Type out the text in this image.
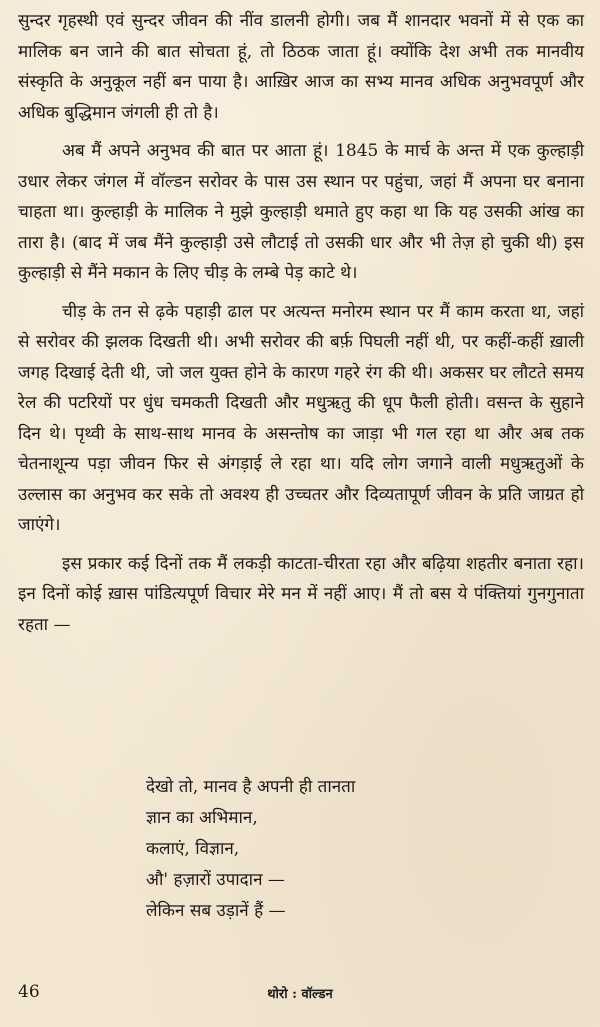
सुन्दर गृहस्थी एवं सुन्दर जीवन की नींव डालनी होगी। जब मैं शानदार भवनों में से एक का मालिक बन जाने की बात सोचता हूं, तो ठिठक जाता हूं। क्योंकि देश अभी तक मानवीय संस्कृति के अनुकूल नहीं बन पाया है। आख़िर आज का सभ्य मानव अधिक अनुभवपूर्ण और अधिक बुद्धिमान जंगली ही तो है।

अब मैं अपने अनुभव की बात पर आता हूं। 1845 के मार्च के अन्त में एक कुल्हाड़ी उधार लेकर जंगल में वॉल्डन सरोवर के पास उस स्थान पर पहुंचा, जहां मैं अपना घर बनाना चाहता था। कुल्हाड़ी के मालिक ने मुझे कुल्हाड़ी थमाते हुए कहा था कि यह उसकी आंख का तारा है। (बाद में जब मैंने कुल्हाड़ी उसे लौटाई तो उसकी धार और भी तेज़ हो चुकी थी) इस कुल्हाड़ी से मैंने मकान के लिए चीड़ के लम्बे पेड़ काटे थे।

चीड़ के तन से ढ़के पहाड़ी ढाल पर अत्यन्त मनोरम स्थान पर मैं काम करता था, जहां से सरोवर की झलक दिखती थी। अभी सरोवर की बर्फ़ पिघली नहीं थी, पर कहीं-कहीं ख़ाली जगह दिखाई देती थी, जो जल युक्त होने के कारण गहरे रंग की थी। अकसर घर लौटते समय रेल की पटरियों पर धुंध चमकती दिखती और मधुऋतु की धूप फैली होती। वसन्त के सुहाने दिन थे। पृथ्वी के साथ-साथ मानव के असन्तोष का जाड़ा भी गल रहा था और अब तक चेतनाशून्य पड़ा जीवन फिर से अंगड़ाई ले रहा था। यदि लोग जगाने वाली मधुऋतुओं के उल्लास का अनुभव कर सके तो अवश्य ही उच्चतर और दिव्यतापूर्ण जीवन के प्रति जाग्रत हो जाएंगे।

इस प्रकार कई दिनों तक मैं लकड़ी काटता-चीरता रहा और बढ़िया शहतीर बनाता रहा। इन दिनों कोई ख़ास पांडित्यपूर्ण विचार मेरे मन में नहीं आए। मैं तो बस ये पंक्तियां गुनगुनाता रहता —

देखो तो, मानव है अपनी ही तानता
ज्ञान का अभिमान,
कलाएं, विज्ञान,
औ' हज़ारों उपादान —
लेकिन सब उड़ानें हैं —
46	थोरो : वॉल्डन
